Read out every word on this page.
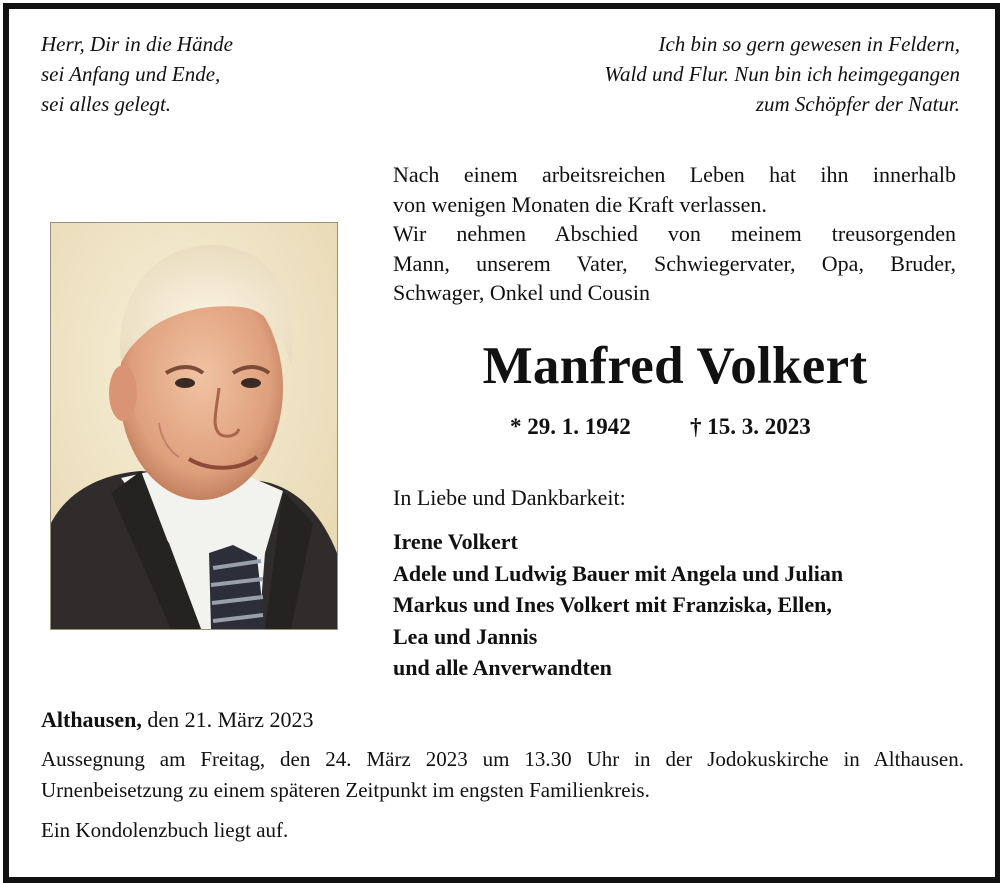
Herr, Dir in die Hände
sei Anfang und Ende,
sei alles gelegt.
Ich bin so gern gewesen in Feldern,
Wald und Flur. Nun bin ich heimgegangen
zum Schöpfer der Natur.

Nach einem arbeitsreichen Leben hat ihn innerhalb

von wenigen Monaten die Kraft verlassen.

Wir nehmen Abschied von meinem treusorgenden

Mann, unserem Vater, Schwiegervater, Opa, Bruder,

Schwager, Onkel und Cousin

Manfred Volkert
* 29. 1. 1942	† 15. 3. 2023
In Liebe und Dankbarkeit:
Irene Volkert
Adele und Ludwig Bauer mit Angela und Julian
Markus und Ines Volkert mit Franziska, Ellen,
Lea und Jannis
und alle Anverwandten
Althausen, den 21. März 2023
Aussegnung am Freitag, den 24. März 2023 um 13.30 Uhr in der Jodokuskirche in Althausen.
Urnenbeisetzung zu einem späteren Zeitpunkt im engsten Familienkreis.
Ein Kondolenzbuch liegt auf.
